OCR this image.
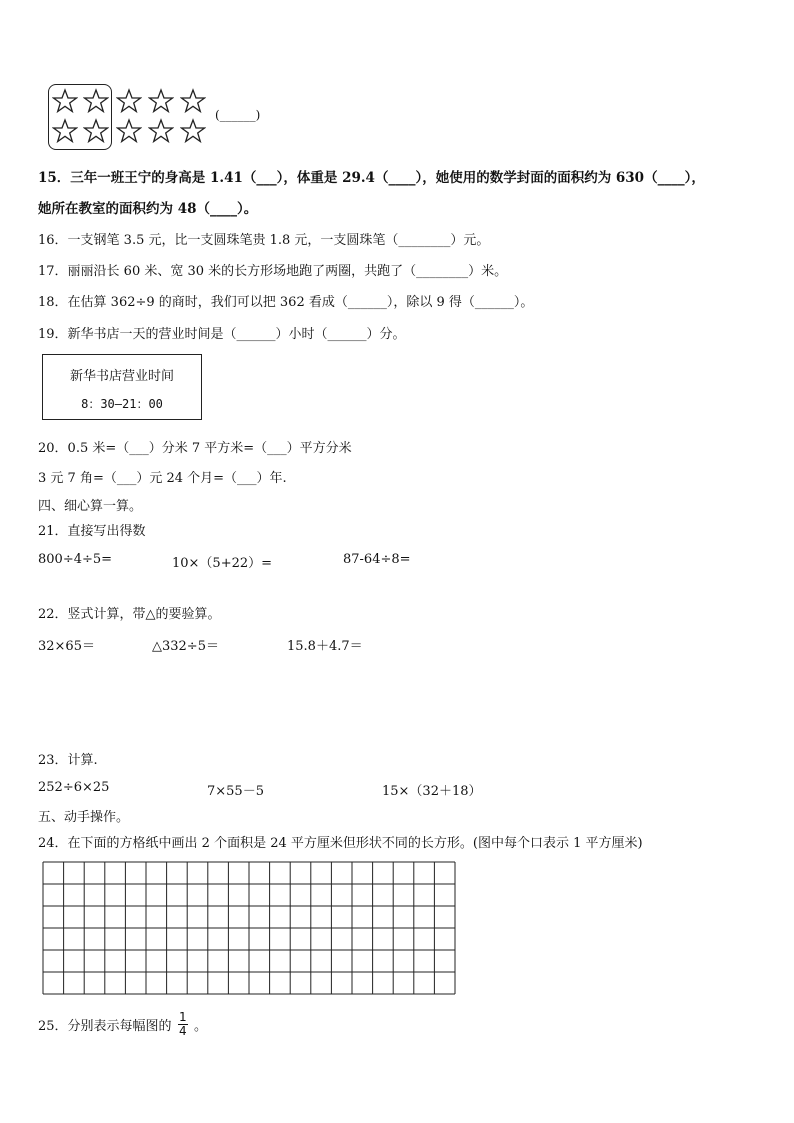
(______)
15．三年一班王宁的身高是 1.41（___），体重是 29.4（____），她使用的数学封面的面积约为 630（____），
她所在教室的面积约为 48（____）。
16．一支钢笔 3.5 元，比一支圆珠笔贵 1.8 元，一支圆珠笔（________）元。
17．丽丽沿长 60 米、宽 30 米的长方形场地跑了两圈，共跑了（________）米。
18．在估算 362÷9 的商时，我们可以把 362 看成（______），除以 9 得（______）。
19．新华书店一天的营业时间是（______）小时（______）分。
新华书店营业时间
8：30—21：00
20．0.5 米=（___）分米 7 平方米=（___）平方分米
3 元 7 角=（___）元 24 个月=（___）年.
四、细心算一算。
21．直接写出得数
800÷4÷5=	10×（5+22）=	87-64÷8=
22．竖式计算，带△的要验算。
32×65＝	△332÷5＝	15.8＋4.7＝
23．计算.
252÷6×25	7×55－5	15×（32＋18）
五、动手操作。
24．在下面的方格纸中画出 2 个面积是 24 平方厘米但形状不同的长方形。(图中每个口表示 1 平方厘米)
25．分别表示每幅图的 $\frac{1}{4}$ 。
